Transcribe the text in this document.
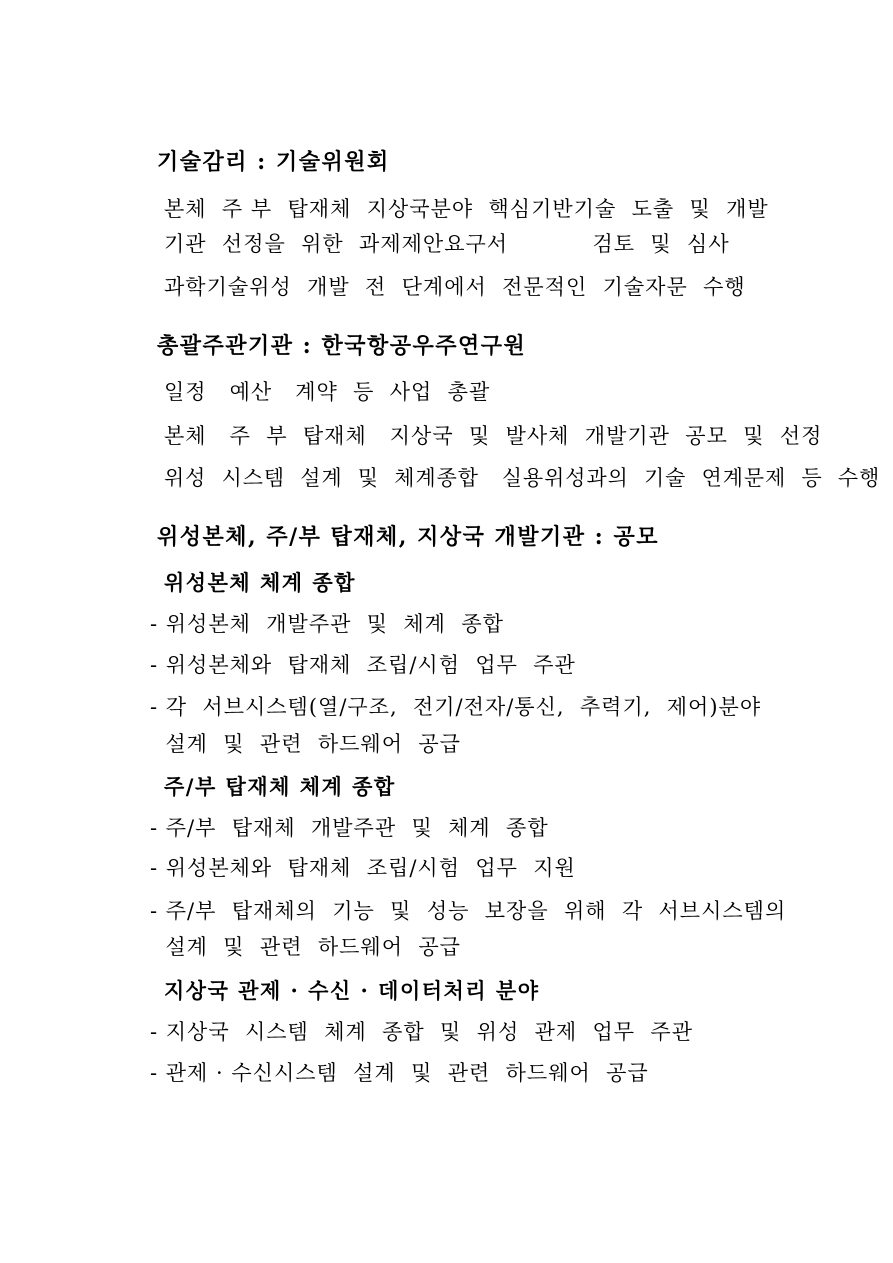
기술감리 : 기술위원회
본체  주 부  탑재체  지상국분야  핵심기반기술  도출  및  개발
기관  선정을  위한  과제제안요구서           검토  및  심사
과학기술위성  개발  전  단계에서  전문적인  기술자문  수행
총괄주관기관 : 한국항공우주연구원
일정   예산   계약  등  사업  총괄
본체   주  부  탑재체   지상국  및  발사체  개발기관  공모  및  선정
위성  시스템  설계  및  체계종합   실용위성과의  기술  연계문제  등  수행
위성본체, 주/부 탑재체, 지상국 개발기관 : 공모
위성본체 체계 종합
- 위성본체  개발주관  및  체계  종합
- 위성본체와  탑재체  조립/시험  업무  주관
- 각  서브시스템(열/구조,  전기/전자/통신,  추력기,  제어)분야
설계  및  관련  하드웨어  공급
주/부 탑재체 체계 종합
- 주/부  탑재체  개발주관  및  체계  종합
- 위성본체와  탑재체  조립/시험  업무  지원
- 주/부  탑재체의  기능  및  성능  보장을  위해  각  서브시스템의
설계  및  관련  하드웨어  공급
지상국 관제 · 수신 · 데이터처리 분야
- 지상국  시스템  체계  종합  및  위성  관제  업무  주관
- 관제 · 수신시스템  설계  및  관련  하드웨어  공급
